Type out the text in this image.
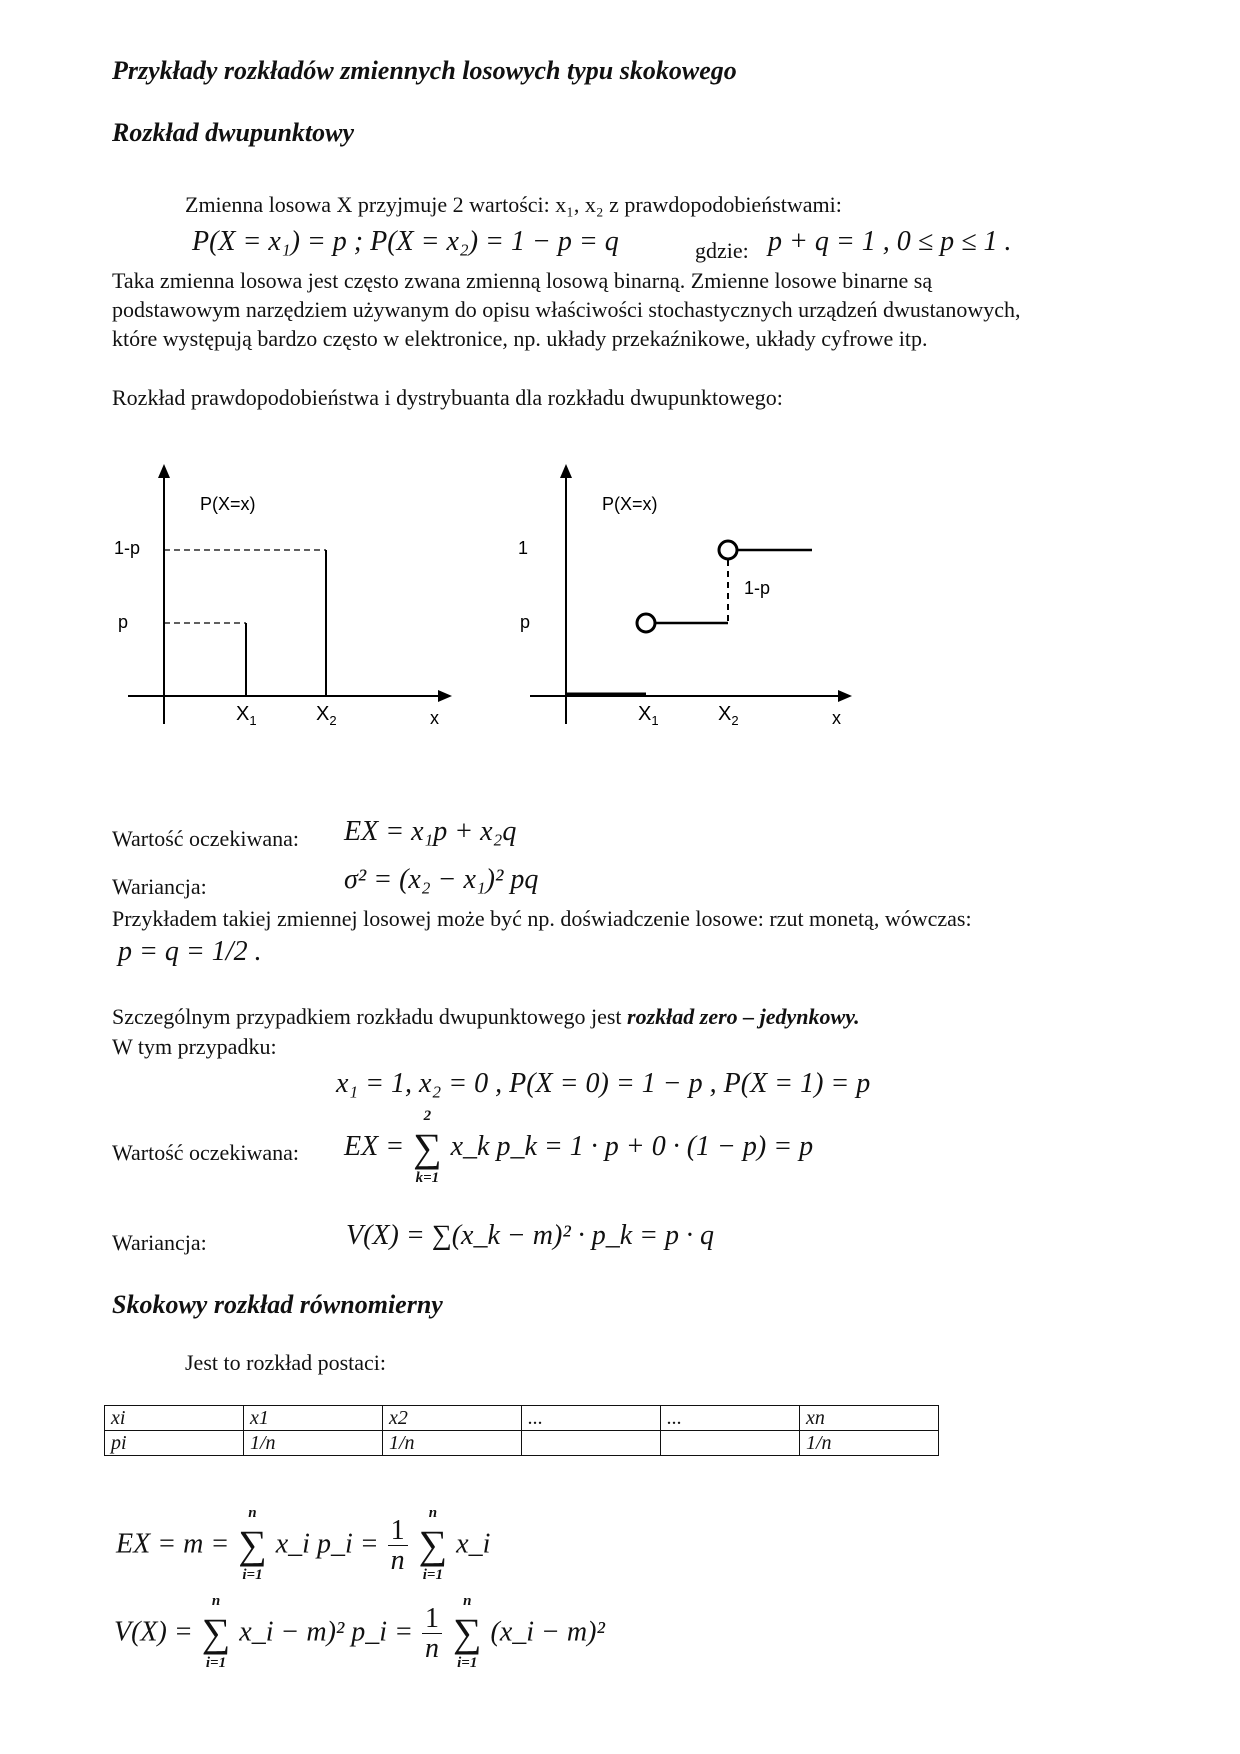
Przykłady rozkładów zmiennych losowych typu skokowego
Rozkład dwupunktowy
Zmienna losowa X przyjmuje 2 wartości: x₁, x₂ z prawdopodobieństwami:
P(X = x₁) = p ; P(X = x₂) = 1 − p = q	gdzie: p + q = 1 , 0 ≤ p ≤ 1 .
Taka zmienna losowa jest często zwana zmienną losową binarną. Zmienne losowe binarne są
podstawowym narzędziem używanym do opisu właściwości stochastycznych urządzeń dwustanowych,
które występują bardzo często w elektronice, np. układy przekaźnikowe, układy cyfrowe itp.
Rozkład prawdopodobieństwa i dystrybuanta dla rozkładu dwupunktowego:
P(X=x)
1-p
p
$X_1$	$X_2$	x
P(X=x)
1
p
1-p
$X_1$	$X_2$	x
Wartość oczekiwana: EX = x₁p + x₂q
Wariancja:	σ² = (x₂ − x₁)² pq
Przykładem takiej zmiennej losowej może być np. doświadczenie losowe: rzut monetą, wówczas:
p = q = 1/2 .
Szczególnym przypadkiem rozkładu dwupunktowego jest rozkład zero – jedynkowy.
W tym przypadku:
x₁ = 1, x₂ = 0 , P(X = 0) = 1 − p , P(X = 1) = p
Wartość oczekiwana: EX = ∑
2
k=1
x_k p_k = 1 · p + 0 · (1 − p) = p
Wariancja:	V(X) = ∑(x_k − m)² · p_k = p · q
Skokowy rozkład równomierny
Jest to rozkład postaci:
xi	x1	x2	...	...	xn
pi	1/n	1/n			1/n
EX = m = ∑
n
i=1
x_i p_i = $\frac{1}{n}$ ∑
n
i=1
x_i
V(X) = ∑
n
i=1
x_i − m)² p_i = $\frac{1}{n}$ ∑
n
i=1
(x_i − m)²
